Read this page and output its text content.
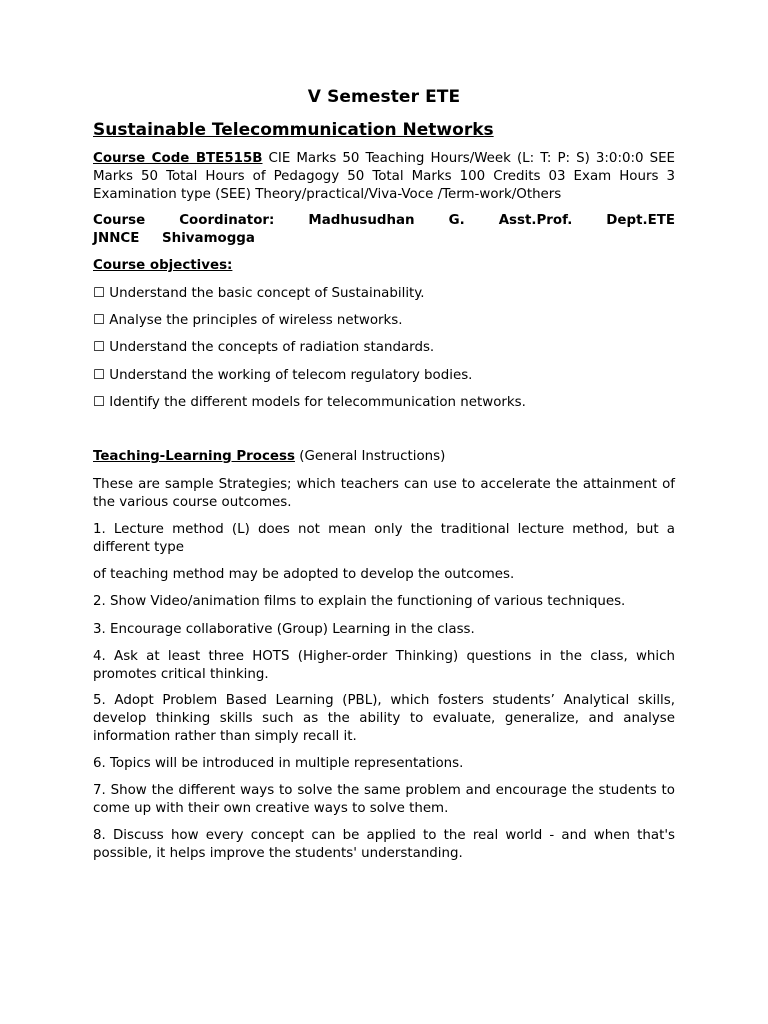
V Semester ETE
Sustainable Telecommunication Networks
Course Code BTE515B CIE Marks 50 Teaching Hours/Week (L: T: P: S) 3:0:0:0 SEE Marks 50 Total Hours of Pedagogy 50 Total Marks 100 Credits 03 Exam Hours 3 Examination type (SEE) Theory/practical/Viva-Voce /Term-work/Others
Course Coordinator: Madhusudhan G. Asst.Prof. Dept.ETE JNNCE Shivamogga
Course objectives:
☐ Understand the basic concept of Sustainability.
☐ Analyse the principles of wireless networks.
☐ Understand the concepts of radiation standards.
☐ Understand the working of telecom regulatory bodies.
☐ Identify the different models for telecommunication networks.
Teaching-Learning Process (General Instructions)
These are sample Strategies; which teachers can use to accelerate the attainment of the various course outcomes.
1. Lecture method (L) does not mean only the traditional lecture method, but a different type
of teaching method may be adopted to develop the outcomes.
2. Show Video/animation films to explain the functioning of various techniques.
3. Encourage collaborative (Group) Learning in the class.
4. Ask at least three HOTS (Higher-order Thinking) questions in the class, which promotes critical thinking.
5. Adopt Problem Based Learning (PBL), which fosters students’ Analytical skills, develop thinking skills such as the ability to evaluate, generalize, and analyse information rather than simply recall it.
6. Topics will be introduced in multiple representations.
7. Show the different ways to solve the same problem and encourage the students to come up with their own creative ways to solve them.
8. Discuss how every concept can be applied to the real world - and when that's possible, it helps improve the students' understanding.
